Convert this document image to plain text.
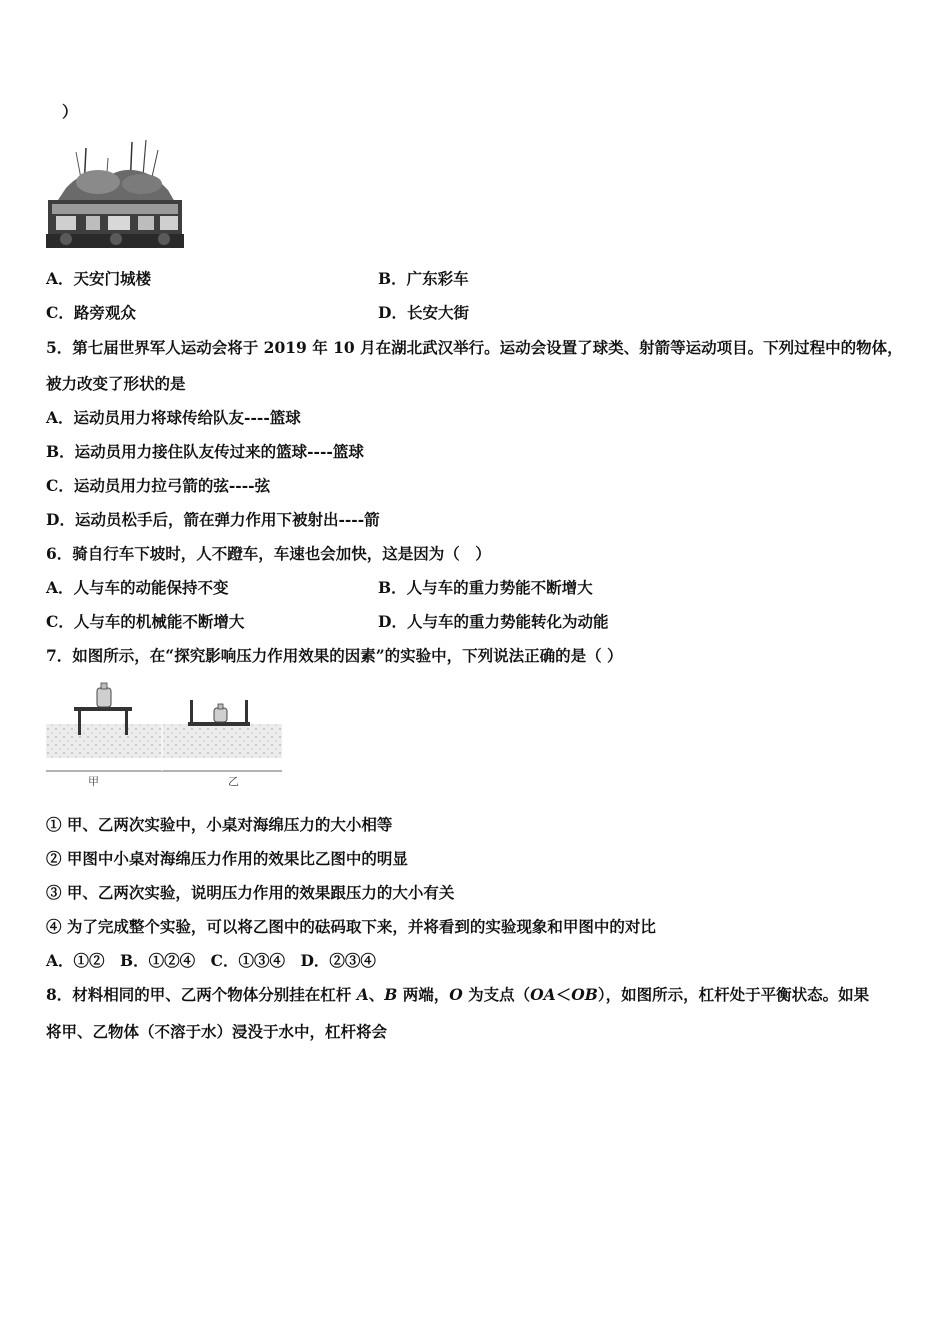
）
A．天安门城楼	B．广东彩车
C．路旁观众	D．长安大街
5．第七届世界军人运动会将于 2019 年 10 月在湖北武汉举行。运动会设置了球类、射箭等运动项目。下列过程中的物体，
被力改变了形状的是
A．运动员用力将球传给队友----篮球
B．运动员用力接住队友传过来的篮球----篮球
C．运动员用力拉弓箭的弦----弦
D．运动员松手后，箭在弹力作用下被射出----箭
6．骑自行车下坡时，人不蹬车，车速也会加快，这是因为（　）
A．人与车的动能保持不变	B．人与车的重力势能不断增大
C．人与车的机械能不断增大	D．人与车的重力势能转化为动能
7．如图所示，在“探究影响压力作用效果的因素”的实验中，下列说法正确的是（ ）
甲	乙
① 甲、乙两次实验中，小桌对海绵压力的大小相等
② 甲图中小桌对海绵压力作用的效果比乙图中的明显
③ 甲、乙两次实验，说明压力作用的效果跟压力的大小有关
④ 为了完成整个实验，可以将乙图中的砝码取下来，并将看到的实验现象和甲图中的对比
A．①②　B．①②④　C．①③④　D．②③④
8．材料相同的甲、乙两个物体分别挂在杠杆 A、B 两端，O 为支点（OA＜OB），如图所示，杠杆处于平衡状态。如果
将甲、乙物体（不溶于水）浸没于水中，杠杆将会
